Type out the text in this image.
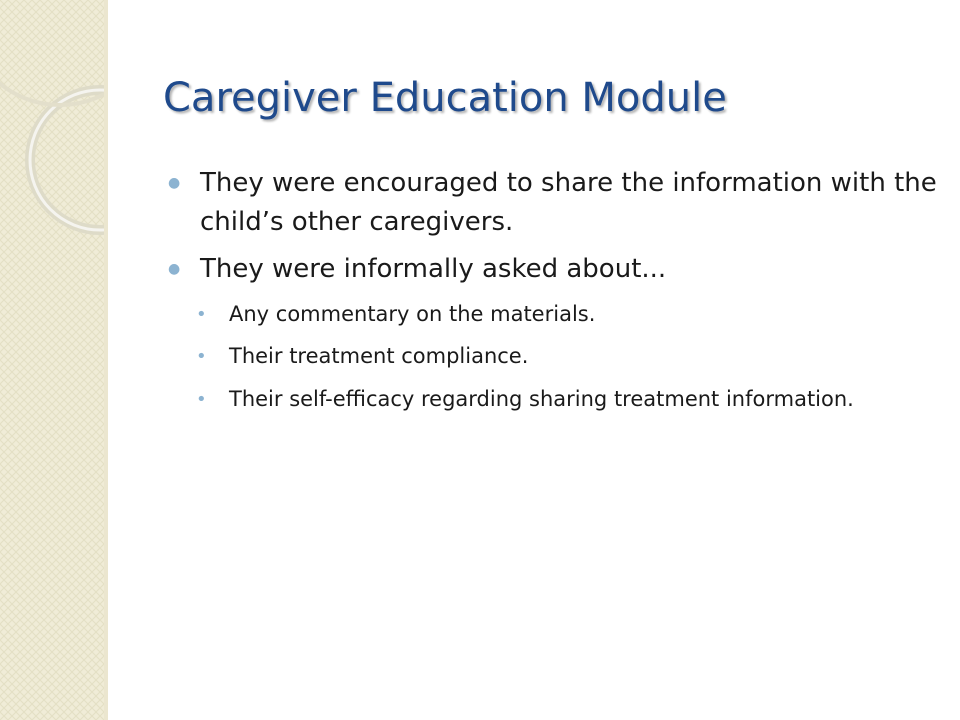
Caregiver Education Module
● They were encouraged to share the information with the child’s other caregivers.
● They were informally asked about...
• Any commentary on the materials.
• Their treatment compliance.
• Their self-efficacy regarding sharing treatment information.
